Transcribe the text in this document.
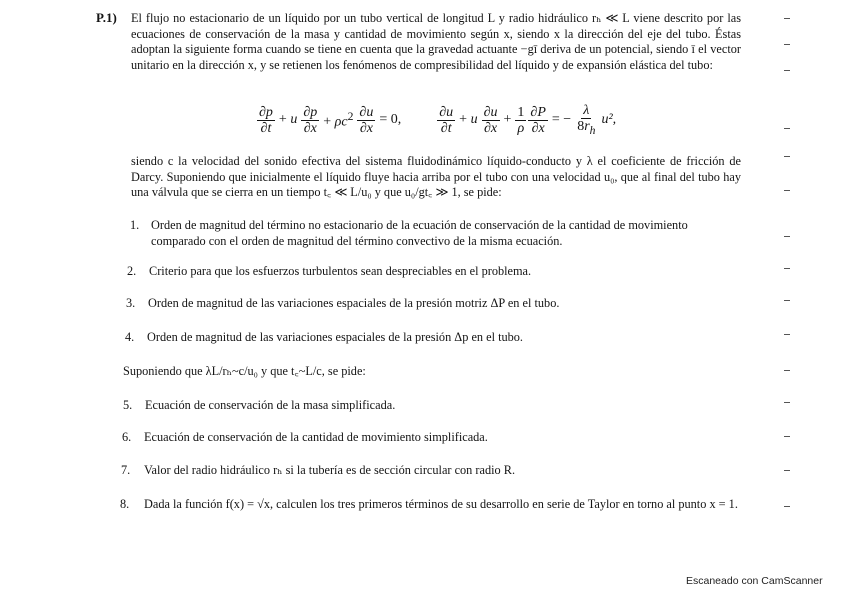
P.1) El flujo no estacionario de un líquido por un tubo vertical de longitud L y radio hidráulico rₕ ≪ L viene descrito por las ecuaciones de conservación de la masa y cantidad de movimiento según x, siendo x la dirección del eje del tubo. Éstas adoptan la siguiente forma cuando se tiene en cuenta que la gravedad actuante −gī deriva de un potencial, siendo ī el vector unitario en la dirección x, y se retienen los fenómenos de compresibilidad del líquido y de expansión elástica del tubo:
$\frac{\partial p}{\partial t} + u \frac{\partial p}{\partial x} + \rho c^2 \frac{\partial u}{\partial x} = 0$,	$\frac{\partial u}{\partial t} + u \frac{\partial u}{\partial x} + \frac{1}{\rho} \frac{\partial P}{\partial x}$ = − $\frac{\lambda}{8r_h} u^2$,
siendo c la velocidad del sonido efectiva del sistema fluidodinámico líquido-conducto y λ el coeficiente de fricción de Darcy. Suponiendo que inicialmente el líquido fluye hacia arriba por el tubo con una velocidad u₀, que al final del tubo hay una válvula que se cierra en un tiempo t꜀ ≪ L/u₀ y que u₀/gt꜀ ≫ 1, se pide:
1. Orden de magnitud del término no estacionario de la ecuación de conservación de la cantidad de movimiento comparado con el orden de magnitud del término convectivo de la misma ecuación.
2. Criterio para que los esfuerzos turbulentos sean despreciables en el problema.
3. Orden de magnitud de las variaciones espaciales de la presión motriz ΔP en el tubo.
4. Orden de magnitud de las variaciones espaciales de la presión Δp en el tubo.
Suponiendo que λL/rₕ~c/u₀ y que t꜀~L/c, se pide:
5. Ecuación de conservación de la masa simplificada.
6. Ecuación de conservación de la cantidad de movimiento simplificada.
7. Valor del radio hidráulico rₕ si la tubería es de sección circular con radio R.
8. Dada la función f(x) = √x, calculen los tres primeros términos de su desarrollo en serie de Taylor en torno al punto x = 1.
Escaneado con CamScanner
